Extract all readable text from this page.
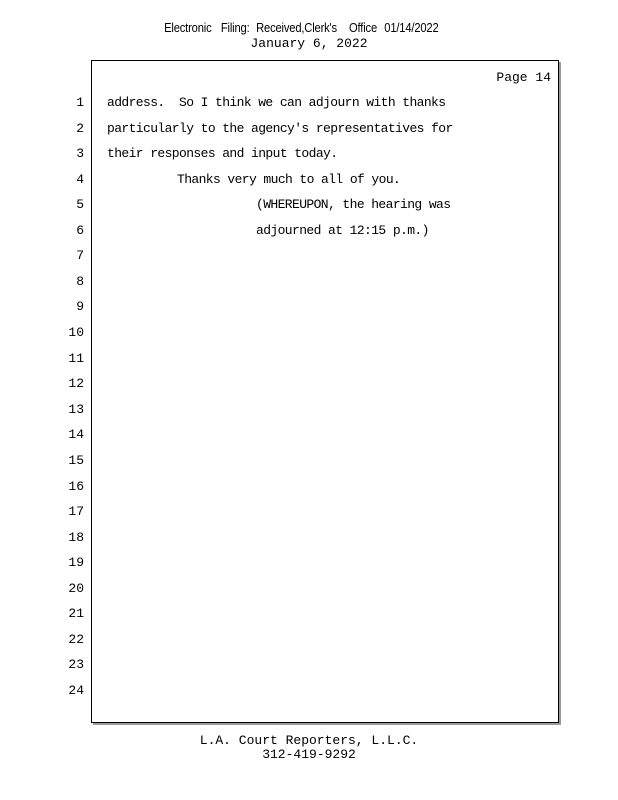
Electronic

Filing:

Received,Clerk's

Office

01/14/2022

January 6, 2022
Page 14
1
2
3
4
5
6
7
8
9
10
11
12
13
14
15
16
17
18
19
20
21
22
23
24
address.  So I think we can adjourn with thanks
particularly to the agency's representatives for
their responses and input today.
Thanks very much to all of you.
(WHEREUPON, the hearing was
adjourned at 12:15 p.m.)
L.A. Court Reporters, L.L.C.
312-419-9292
